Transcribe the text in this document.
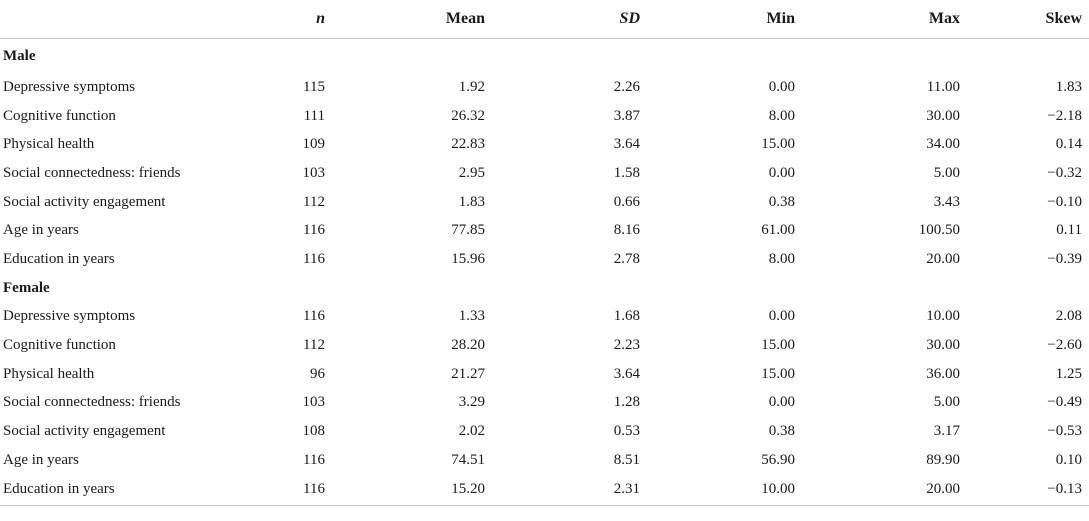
	n	Mean	SD	Min	Max	Skew
Male						
Depressive symptoms	115	1.92	2.26	0.00	11.00	1.83
Cognitive function	111	26.32	3.87	8.00	30.00	−2.18
Physical health	109	22.83	3.64	15.00	34.00	0.14
Social connectedness: friends	103	2.95	1.58	0.00	5.00	−0.32
Social activity engagement	112	1.83	0.66	0.38	3.43	−0.10
Age in years	116	77.85	8.16	61.00	100.50	0.11
Education in years	116	15.96	2.78	8.00	20.00	−0.39
Female						
Depressive symptoms	116	1.33	1.68	0.00	10.00	2.08
Cognitive function	112	28.20	2.23	15.00	30.00	−2.60
Physical health	96	21.27	3.64	15.00	36.00	1.25
Social connectedness: friends	103	3.29	1.28	0.00	5.00	−0.49
Social activity engagement	108	2.02	0.53	0.38	3.17	−0.53
Age in years	116	74.51	8.51	56.90	89.90	0.10
Education in years	116	15.20	2.31	10.00	20.00	−0.13
